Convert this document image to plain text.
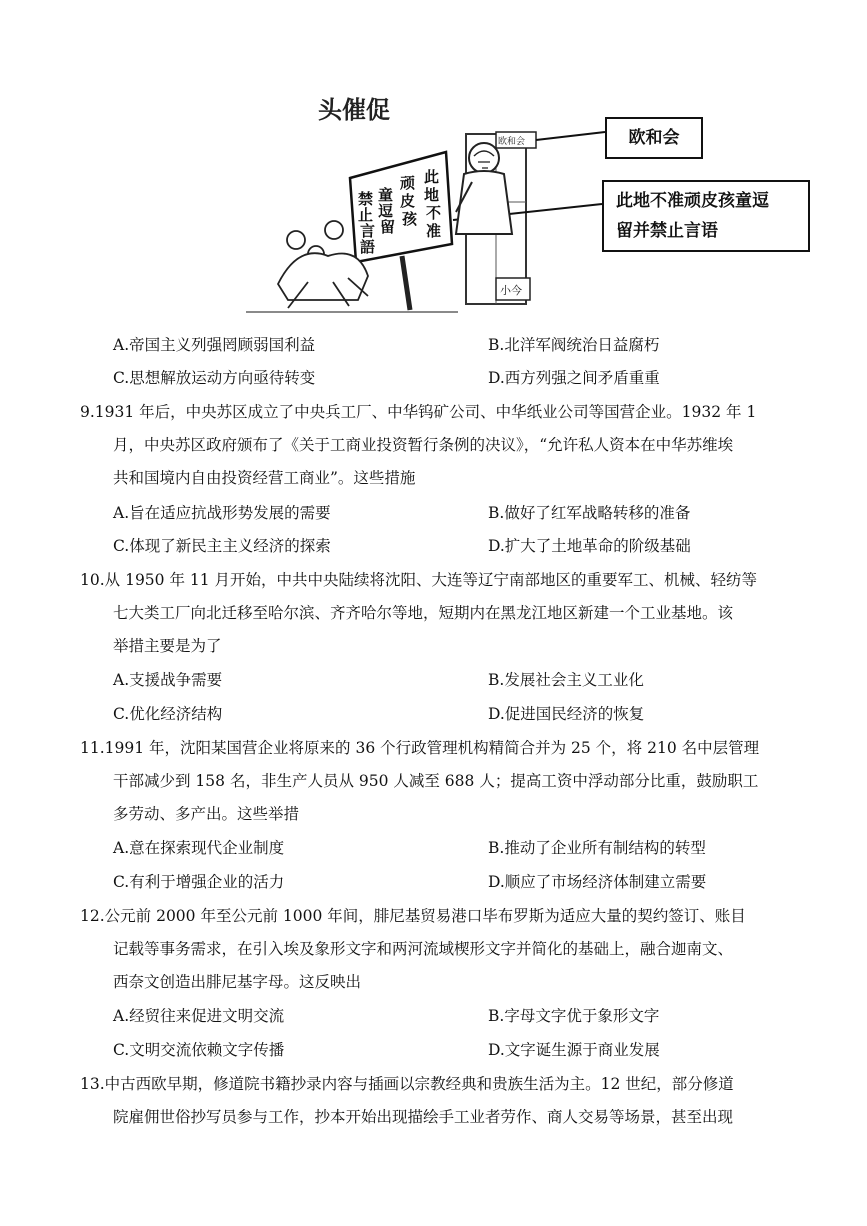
头催促
欧和会
此地不准 顽皮孩 童逗留 禁止言語
小今
欧和会
此地不准顽皮孩童逗
留并禁止言语
A.帝国主义列强罔顾弱国利益	B.北洋军阀统治日益腐朽
C.思想解放运动方向亟待转变	D.西方列强之间矛盾重重
9.1931 年后，中央苏区成立了中央兵工厂、中华钨矿公司、中华纸业公司等国营企业。1932 年 1
月，中央苏区政府颁布了《关于工商业投资暂行条例的决议》，“允许私人资本在中华苏维埃
共和国境内自由投资经营工商业”。这些措施
A.旨在适应抗战形势发展的需要	B.做好了红军战略转移的准备
C.体现了新民主主义经济的探索	D.扩大了土地革命的阶级基础
10.从 1950 年 11 月开始，中共中央陆续将沈阳、大连等辽宁南部地区的重要军工、机械、轻纺等
七大类工厂向北迁移至哈尔滨、齐齐哈尔等地，短期内在黑龙江地区新建一个工业基地。该
举措主要是为了
A.支援战争需要	B.发展社会主义工业化
C.优化经济结构	D.促进国民经济的恢复
11.1991 年，沈阳某国营企业将原来的 36 个行政管理机构精简合并为 25 个，将 210 名中层管理
干部减少到 158 名，非生产人员从 950 人减至 688 人；提高工资中浮动部分比重，鼓励职工
多劳动、多产出。这些举措
A.意在探索现代企业制度	B.推动了企业所有制结构的转型
C.有利于增强企业的活力	D.顺应了市场经济体制建立需要
12.公元前 2000 年至公元前 1000 年间，腓尼基贸易港口毕布罗斯为适应大量的契约签订、账目
记载等事务需求，在引入埃及象形文字和两河流域楔形文字并简化的基础上，融合迦南文、
西奈文创造出腓尼基字母。这反映出
A.经贸往来促进文明交流	B.字母文字优于象形文字
C.文明交流依赖文字传播	D.文字诞生源于商业发展
13.中古西欧早期，修道院书籍抄录内容与插画以宗教经典和贵族生活为主。12 世纪，部分修道
院雇佣世俗抄写员参与工作，抄本开始出现描绘手工业者劳作、商人交易等场景，甚至出现
